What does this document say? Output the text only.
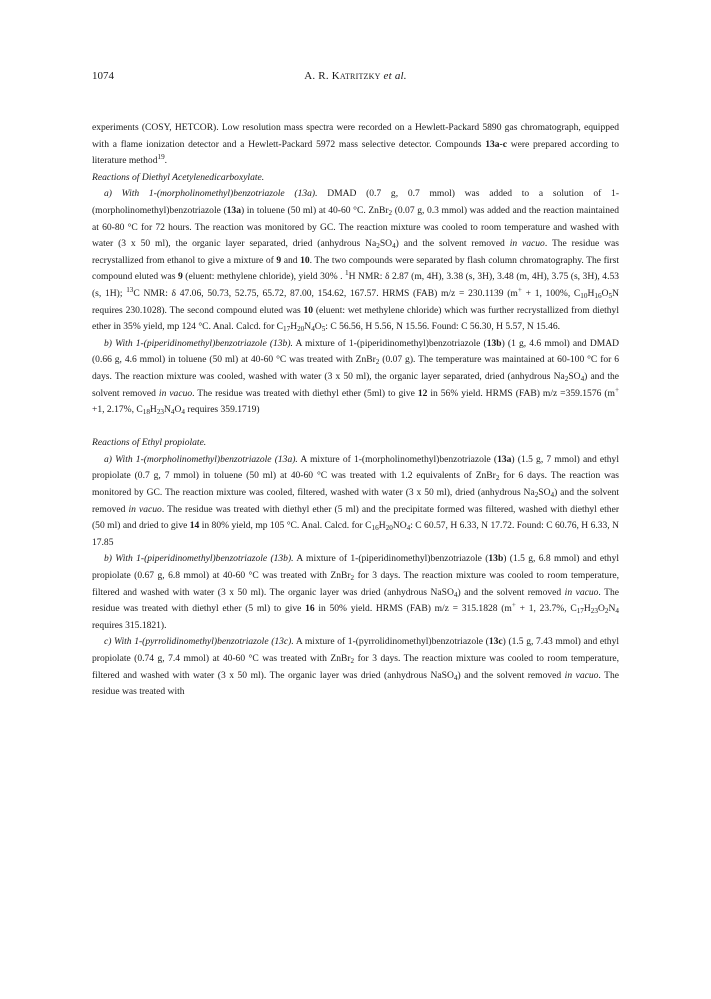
1074	A. R. Katritzky et al.

experiments (COSY, HETCOR). Low resolution mass spectra were recorded on a Hewlett-Packard 5890 gas chromatograph, equipped with a flame ionization detector and a Hewlett-Packard 5972 mass selective detector. Compounds 13a-c were prepared according to literature method$^{19}$.

Reactions of Diethyl Acetylenedicarboxylate.

a) With 1-(morpholinomethyl)benzotriazole (13a). DMAD (0.7 g, 0.7 mmol) was added to a solution of 1-(morpholinomethyl)benzotriazole (13a) in toluene (50 ml) at 40-60 °C. ZnBr$_2$ (0.07 g, 0.3 mmol) was added and the reaction maintained at 60-80 °C for 72 hours. The reaction was monitored by GC. The reaction mixture was cooled to room temperature and washed with water (3 x 50 ml), the organic layer separated, dried (anhydrous $Na_2SO_4$) and the solvent removed in vacuo. The residue was recrystallized from ethanol to give a mixture of 9 and 10. The two compounds were separated by flash column chromatography. The first compound eluted was 9 (eluent: methylene chloride), yield 30% . $^1$H NMR: δ 2.87 (m, 4H), 3.38 (s, 3H), 3.48 (m, 4H), 3.75 (s, 3H), 4.53 (s, 1H); $^{13}$C NMR: δ 47.06, 50.73, 52.75, 65.72, 87.00, 154.62, 167.57. HRMS (FAB) m/z = 230.1139 (m+ + 1, 100%, $C_{10}H_{16}O_5N$ requires 230.1028). The second compound eluted was 10 (eluent: wet methylene chloride) which was further recrystallized from diethyl ether in 35% yield, mp 124 °C. Anal. Calcd. for $C_{17}H_{20}N_4O_5$: C 56.56, H 5.56, N 15.56. Found: C 56.30, H 5.57, N 15.46.

b) With 1-(piperidinomethyl)benzotriazole (13b). A mixture of 1-(piperidinomethyl)benzotriazole (13b) (1 g, 4.6 mmol) and DMAD (0.66 g, 4.6 mmol) in toluene (50 ml) at 40-60 °C was treated with ZnBr$_2$ (0.07 g). The temperature was maintained at 60-100 °C for 6 days. The reaction mixture was cooled, washed with water (3 x 50 ml), the organic layer separated, dried (anhydrous $Na_2SO_4$) and the solvent removed in vacuo. The residue was treated with diethyl ether (5ml) to give 12 in 56% yield. HRMS (FAB) m/z =359.1576 (m+ +1, 2.17%, $C_{18}H_{23}N_4O_4$ requires 359.1719)

Reactions of Ethyl propiolate.

a) With 1-(morpholinomethyl)benzotriazole (13a). A mixture of 1-(morpholinomethyl)benzotriazole (13a) (1.5 g, 7 mmol) and ethyl propiolate (0.7 g, 7 mmol) in toluene (50 ml) at 40-60 °C was treated with 1.2 equivalents of ZnBr$_2$ for 6 days. The reaction was monitored by GC. The reaction mixture was cooled, filtered, washed with water (3 x 50 ml), dried (anhydrous $Na_2SO_4$) and the solvent removed in vacuo. The residue was treated with diethyl ether (5 ml) and the precipitate formed was filtered, washed with diethyl ether (50 ml) and dried to give 14 in 80% yield, mp 105 °C. Anal. Calcd. for $C_{16}H_{20}NO_4$: C 60.57, H 6.33, N 17.72. Found: C 60.76, H 6.33, N 17.85

b) With 1-(piperidinomethyl)benzotriazole (13b). A mixture of 1-(piperidinomethyl)benzotriazole (13b) (1.5 g, 6.8 mmol) and ethyl propiolate (0.67 g, 6.8 mmol) at 40-60 °C was treated with ZnBr$_2$ for 3 days. The reaction mixture was cooled to room temperature, filtered and washed with water (3 x 50 ml). The organic layer was dried (anhydrous NaSO$_4$) and the solvent removed in vacuo. The residue was treated with diethyl ether (5 ml) to give 16 in 50% yield. HRMS (FAB) m/z = 315.1828 (m+ + 1, 23.7%, $C_{17}H_{23}O_2N_4$ requires 315.1821).

c) With 1-(pyrrolidinomethyl)benzotriazole (13c). A mixture of 1-(pyrrolidinomethyl)benzotriazole (13c) (1.5 g, 7.43 mmol) and ethyl propiolate (0.74 g, 7.4 mmol) at 40-60 °C was treated with ZnBr$_2$ for 3 days. The reaction mixture was cooled to room temperature, filtered and washed with water (3 x 50 ml). The organic layer was dried (anhydrous NaSO$_4$) and the solvent removed in vacuo. The residue was treated with
